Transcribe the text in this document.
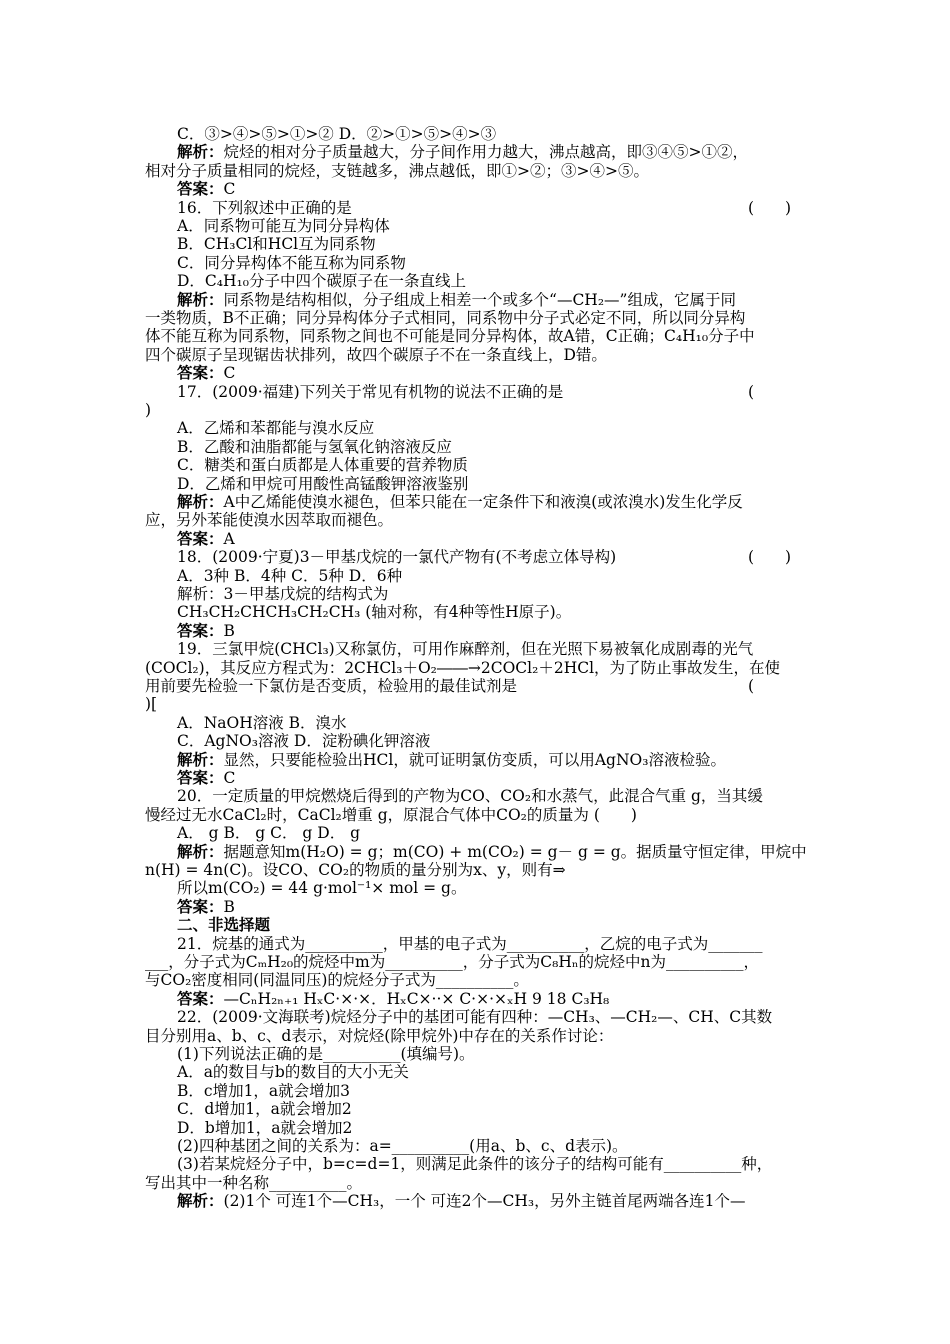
C．③>④>⑤>①>② D．②>①>⑤>④>③
解析：烷烃的相对分子质量越大，分子间作用力越大，沸点越高，即③④⑤>①②，
相对分子质量相同的烷烃，支链越多，沸点越低，即①>②；③>④>⑤。
答案：C
16．下列叙述中正确的是	(　　)
A．同系物可能互为同分异构体
B．CH₃Cl和HCl互为同系物
C．同分异构体不能互称为同系物
D．C₄H₁₀分子中四个碳原子在一条直线上
解析：同系物是结构相似，分子组成上相差一个或多个“—CH₂—”组成，它属于同
一类物质，B不正确；同分异构体分子式相同，同系物中分子式必定不同，所以同分异构
体不能互称为同系物，同系物之间也不可能是同分异构体，故A错，C正确；C₄H₁₀分子中
四个碳原子呈现锯齿状排列，故四个碳原子不在一条直线上，D错。
答案：C
17．(2009·福建)下列关于常见有机物的说法不正确的是	(
)
A．乙烯和苯都能与溴水反应
B．乙酸和油脂都能与氢氧化钠溶液反应
C．糖类和蛋白质都是人体重要的营养物质
D．乙烯和甲烷可用酸性高锰酸钾溶液鉴别
解析：A中乙烯能使溴水褪色，但苯只能在一定条件下和液溴(或浓溴水)发生化学反
应，另外苯能使溴水因萃取而褪色。
答案：A
18．(2009·宁夏)3－甲基戊烷的一氯代产物有(不考虑立体导构)	(　　)
A．3种 B．4种 C．5种 D．6种
解析：3－甲基戊烷的结构式为
CH₃CH₂CHCH₃CH₂CH₃ (轴对称，有4种等性H原子)。
答案：B
19．三氯甲烷(CHCl₃)又称氯仿，可用作麻醉剂，但在光照下易被氧化成剧毒的光气
(COCl₂)，其反应方程式为：2CHCl₃＋O₂――→2COCl₂＋2HCl，为了防止事故发生，在使
用前要先检验一下氯仿是否变质，检验用的最佳试剂是	(
)[
A．NaOH溶液 B．溴水
C．AgNO₃溶液 D．淀粉碘化钾溶液
解析：显然，只要能检验出HCl，就可证明氯仿变质，可以用AgNO₃溶液检验。
答案：C
20．一定质量的甲烷燃烧后得到的产物为CO、CO₂和水蒸气，此混合气重 g，当其缓
慢经过无水CaCl₂时，CaCl₂增重 g，原混合气体中CO₂的质量为 (　　)
A． g B． g C． g D． g
解析：据题意知m(H₂O) = g；m(CO) + m(CO₂) = g－ g = g。据质量守恒定律，甲烷中
n(H) = 4n(C)。设CO、CO₂的物质的量分别为x、y，则有⇒
所以m(CO₂) = 44 g·mol⁻¹× mol = g。
答案：B
二、非选择题
21．烷基的通式为__________，甲基的电子式为__________，乙烷的电子式为_______
___，分子式为CₘH₂₀的烷烃中m为__________，分子式为C₈Hₙ的烷烃中n为__________，
与CO₂密度相同(同温同压)的烷烃分子式为__________。
答案：—CₙH₂ₙ₊₁ HₓC·×·×．HₓC×··× C·×·×ₓH 9 18 C₃H₈
22．(2009·文海联考)烷烃分子中的基团可能有四种：—CH₃、—CH₂—、CH、C其数
目分别用a、b、c、d表示，对烷烃(除甲烷外)中存在的关系作讨论：
(1)下列说法正确的是__________(填编号)。
A．a的数目与b的数目的大小无关
B．c增加1，a就会增加3
C．d增加1，a就会增加2
D．b增加1，a就会增加2
(2)四种基团之间的关系为：a=__________(用a、b、c、d表示)。
(3)若某烷烃分子中，b=c=d=1，则满足此条件的该分子的结构可能有__________种，
写出其中一种名称__________。
解析：(2)1个 可连1个—CH₃，一个 可连2个—CH₃，另外主链首尾两端各连1个—
